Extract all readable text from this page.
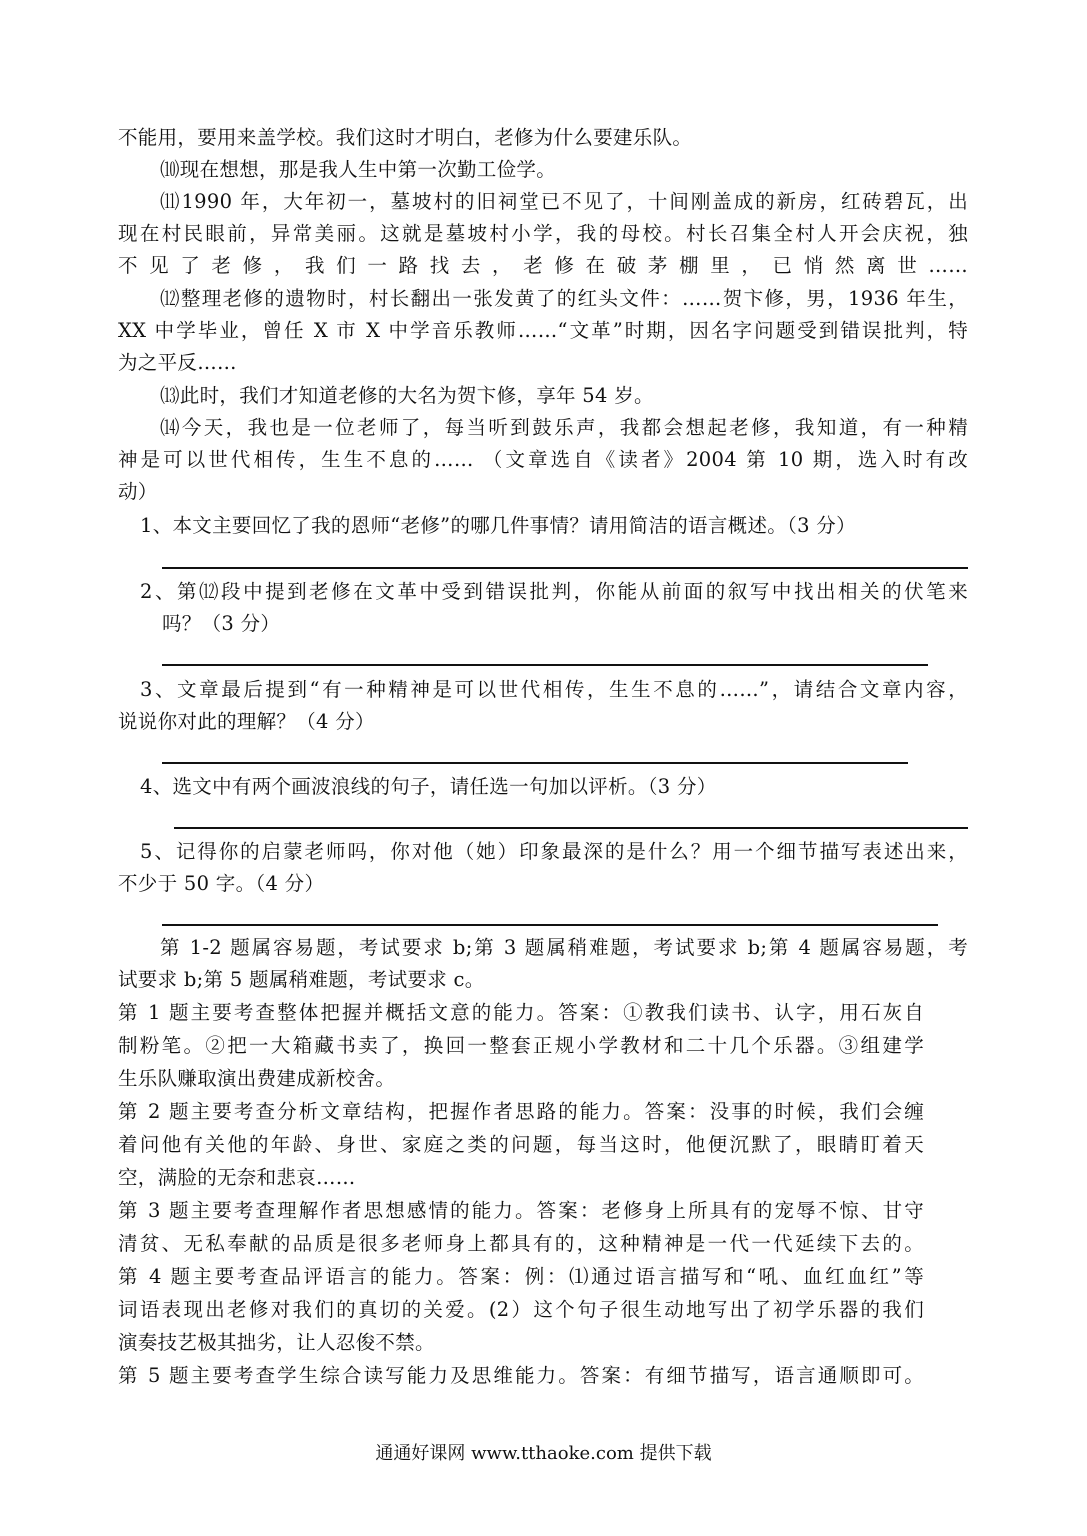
不能用，要用来盖学校。我们这时才明白，老修为什么要建乐队。
⑽现在想想，那是我人生中第一次勤工俭学。
⑾1990 年，大年初一，墓坡村的旧祠堂已不见了，十间刚盖成的新房，红砖碧瓦，出
现在村民眼前，异常美丽。这就是墓坡村小学，我的母校。村长召集全村人开会庆祝，独
不见了老修，我们一路找去，老修在破茅棚里，已悄然离世……
⑿整理老修的遗物时，村长翻出一张发黄了的红头文件：……贺卞修，男，1936 年生，
XX 中学毕业，曾任 X 市 X 中学音乐教师……“文革”时期，因名字问题受到错误批判，特
为之平反……
⒀此时，我们才知道老修的大名为贺卞修，享年 54 岁。
⒁今天，我也是一位老师了，每当听到鼓乐声，我都会想起老修，我知道，有一种精
神是可以世代相传，生生不息的…… （文章选自《读者》2004 第 10 期，选入时有改
动）
1、本文主要回忆了我的恩师“老修”的哪几件事情？请用简洁的语言概述。（3 分）
2、第⑿段中提到老修在文革中受到错误批判，你能从前面的叙写中找出相关的伏笔来
吗？（3 分）
3、文章最后提到“有一种精神是可以世代相传，生生不息的……”，请结合文章内容，
说说你对此的理解？（4 分）
4、选文中有两个画波浪线的句子，请任选一句加以评析。（3 分）
5、记得你的启蒙老师吗，你对他（她）印象最深的是什么？用一个细节描写表述出来，
不少于 50 字。（4 分）
第 1-2 题属容易题，考试要求 b;第 3 题属稍难题，考试要求 b;第 4 题属容易题，考
试要求 b;第 5 题属稍难题，考试要求 c。
第 1 题主要考查整体把握并概括文意的能力。答案：①教我们读书、认字，用石灰自
制粉笔。②把一大箱藏书卖了，换回一整套正规小学教材和二十几个乐器。③组建学
生乐队赚取演出费建成新校舍。
第 2 题主要考查分析文章结构，把握作者思路的能力。答案：没事的时候，我们会缠
着问他有关他的年龄、身世、家庭之类的问题，每当这时，他便沉默了，眼睛盯着天
空，满脸的无奈和悲哀……
第 3 题主要考查理解作者思想感情的能力。答案：老修身上所具有的宠辱不惊、甘守
清贫、无私奉献的品质是很多老师身上都具有的，这种精神是一代一代延续下去的。
第 4 题主要考查品评语言的能力。答案：例：⑴通过语言描写和“吼、血红血红”等
词语表现出老修对我们的真切的关爱。(2）这个句子很生动地写出了初学乐器的我们
演奏技艺极其拙劣，让人忍俊不禁。
第 5 题主要考查学生综合读写能力及思维能力。答案：有细节描写，语言通顺即可。
通通好课网 www.tthaoke.com 提供下载
